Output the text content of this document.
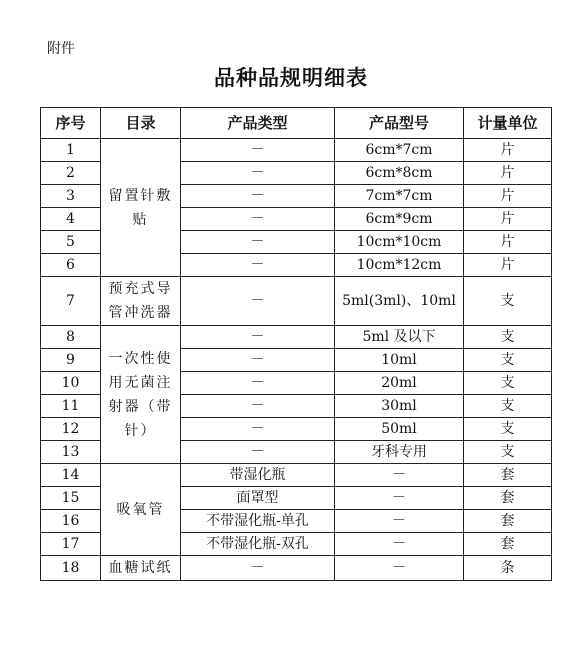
附件
品种品规明细表
序号	目录	产品类型	产品型号	计量单位
1	留置针敷贴	－	6cm*7cm	片
2		－	6cm*8cm	片
3		－	7cm*7cm	片
4		－	6cm*9cm	片
5		－	10cm*10cm	片
6		－	10cm*12cm	片
7	预充式导管冲洗器	－	5ml(3ml)、10ml	支
8	一次性使用无菌注射器（带针）	－	5ml 及以下	支
9		－	10ml	支
10		－	20ml	支
11		－	30ml	支
12		－	50ml	支
13		－	牙科专用	支
14	吸氧管	带湿化瓶	－	套
15		面罩型	－	套
16		不带湿化瓶-单孔	－	套
17		不带湿化瓶-双孔	－	套
18	血糖试纸	－	－	条
